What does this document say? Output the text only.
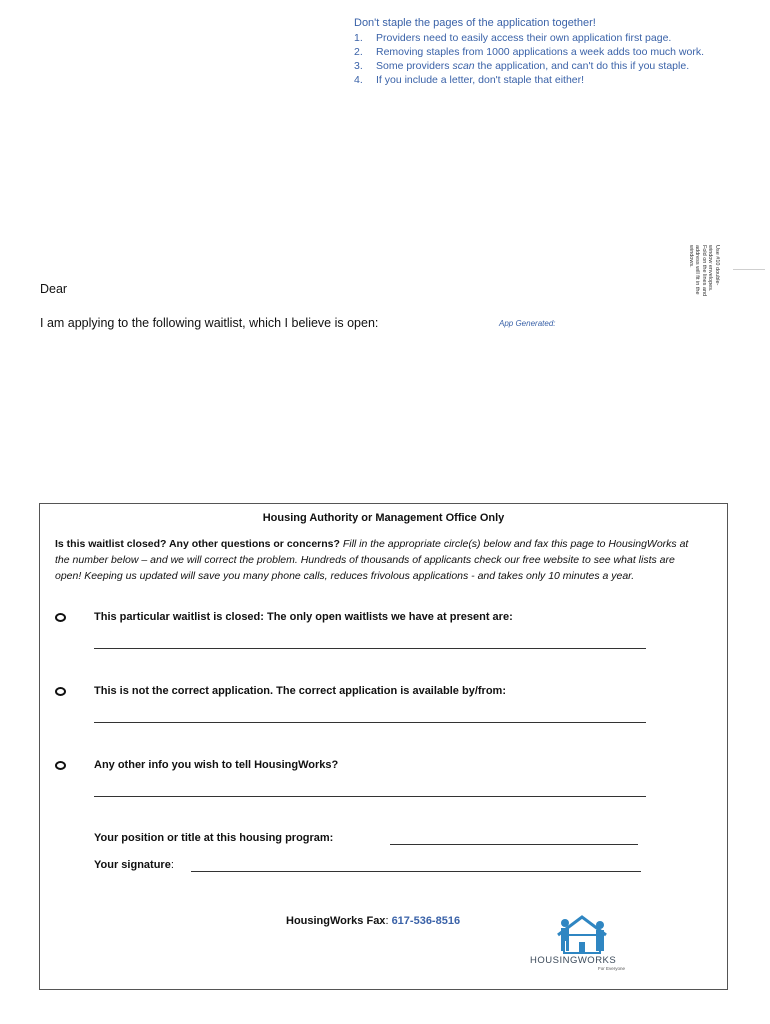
Don't staple the pages of the application together!
1.	Providers need to easily access their own application first page.
2.	Removing staples from 1000 applications a week adds too much work.
3.	Some providers scan the application, and can't do this if you staple.
4.	If you include a letter, don't staple that either!
Use #10 double-window envelopes. Fold on the lines and address will fit in the windows.
Dear
I am applying to the following waitlist, which I believe is open:	App Generated:
Housing Authority or Management Office Only
Is this waitlist closed? Any other questions or concerns? Fill in the appropriate circle(s) below and fax this page to HousingWorks at the number below – and we will correct the problem. Hundreds of thousands of applicants check our free website to see what lists are open! Keeping us updated will save you many phone calls, reduces frivolous applications - and takes only 10 minutes a year.
This particular waitlist is closed: The only open waitlists we have at present are:
This is not the correct application. The correct application is available by/from:
Any other info you wish to tell HousingWorks?
Your position or title at this housing program:
Your signature:
HousingWorks Fax: 617-536-8516
HOUSINGWORKS
For Everyone
